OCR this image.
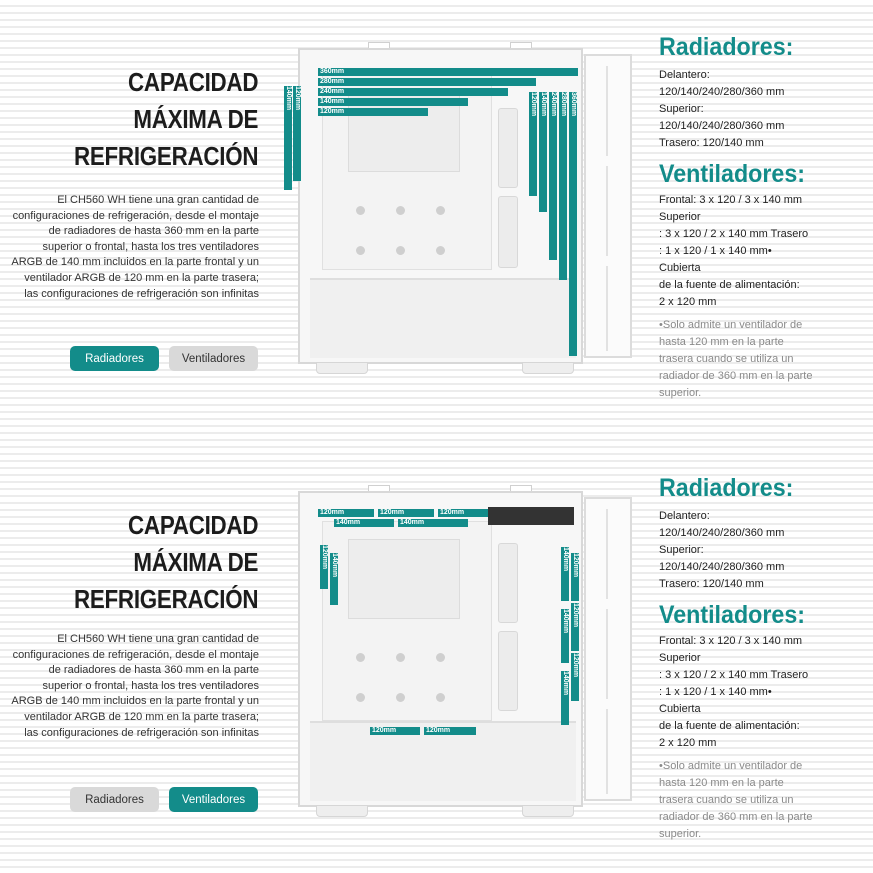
CAPACIDAD
MÁXIMA DE
REFRIGERACIÓN
El CH560 WH tiene una gran cantidad de configuraciones de refrigeración, desde el montaje de radiadores de hasta 360 mm en la parte superior o frontal, hasta los tres ventiladores ARGB de 140 mm incluidos en la parte frontal y un ventilador ARGB de 120 mm en la parte trasera; las configuraciones de refrigeración son infinitas
Radiadores	Ventiladores
360mm
280mm
240mm
140mm
120mm
140mm 120mm	360mm
280mm
240mm
140mm
120mm
Radiadores:
Delantero:
120/140/240/280/360 mm
Superior:
120/140/240/280/360 mm
Trasero: 120/140 mm
Ventiladores:
Frontal: 3 x 120 / 3 x 140 mm
Superior
: 3 x 120 / 2 x 140 mm Trasero
: 1 x 120 / 1 x 140 mm•
Cubierta
de la fuente de alimentación:
2 x 120 mm
•Solo admite un ventilador de hasta 120 mm en la parte trasera cuando se utiliza un radiador de 360 mm en la parte superior.
CAPACIDAD
MÁXIMA DE
REFRIGERACIÓN
El CH560 WH tiene una gran cantidad de configuraciones de refrigeración, desde el montaje de radiadores de hasta 360 mm en la parte superior o frontal, hasta los tres ventiladores ARGB de 140 mm incluidos en la parte frontal y un ventilador ARGB de 120 mm en la parte trasera; las configuraciones de refrigeración son infinitas
Radiadores	Ventiladores
120mm	120mm	120mm
140mm	140mm
120mm 140mm	140mm
140mm
140mm
120mm
120mm
120mm
120mm	120mm
Radiadores:
Delantero:
120/140/240/280/360 mm
Superior:
120/140/240/280/360 mm
Trasero: 120/140 mm
Ventiladores:
Frontal: 3 x 120 / 3 x 140 mm
Superior
: 3 x 120 / 2 x 140 mm Trasero
: 1 x 120 / 1 x 140 mm•
Cubierta
de la fuente de alimentación:
2 x 120 mm
•Solo admite un ventilador de hasta 120 mm en la parte trasera cuando se utiliza un radiador de 360 mm en la parte superior.
